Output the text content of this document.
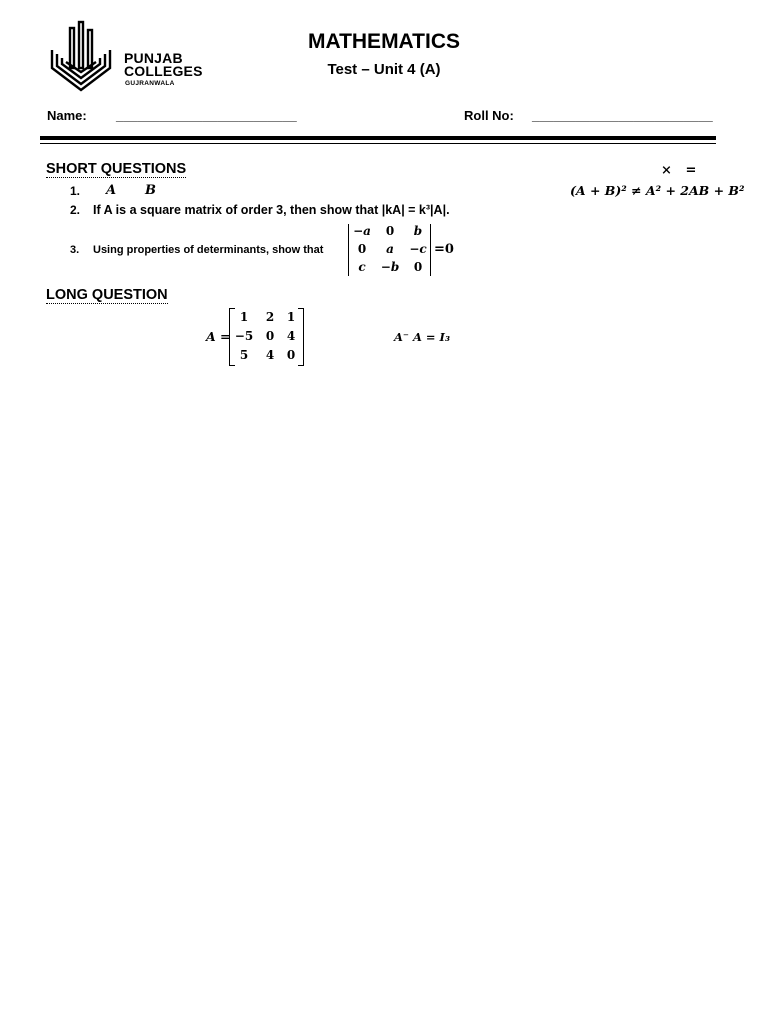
PUNJAB
COLLEGES
GUJRANWALA
MATHEMATICS
Test – Unit 4 (A)
Name: _________________________	Roll No: _________________________
SHORT QUESTIONS
1. A B
×   =
(A + B)² ≠ A² + 2AB + B²
2. If A is a square matrix of order 3, then show that |kA| = k³|A|.
3. Using properties of determinants, show that
−a	0	b
0	a	−c
c	−b	0
=0
LONG QUESTION
A =
1	2	1
−5	0	4
5	4	0
A⁻ A = I₃
